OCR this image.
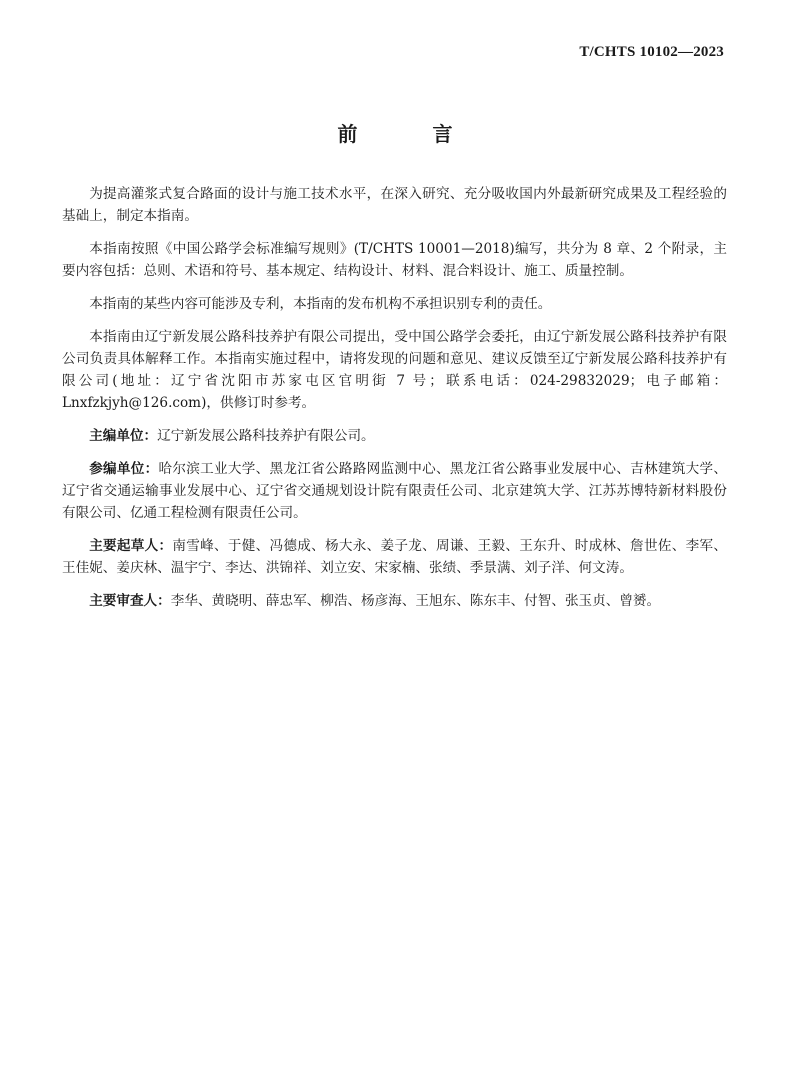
T/CHTS 10102—2023
前 言

为提高灌浆式复合路面的设计与施工技术水平，在深入研究、充分吸收国内外最新研究成果及工程经验的基础上，制定本指南。

本指南按照《中国公路学会标准编写规则》(T/CHTS 10001—2018)编写，共分为 8 章、2 个附录，主要内容包括：总则、术语和符号、基本规定、结构设计、材料、混合料设计、施工、质量控制。

本指南的某些内容可能涉及专利，本指南的发布机构不承担识别专利的责任。

本指南由辽宁新发展公路科技养护有限公司提出，受中国公路学会委托，由辽宁新发展公路科技养护有限公司负责具体解释工作。本指南实施过程中，请将发现的问题和意见、建议反馈至辽宁新发展公路科技养护有限公司(地址：辽宁省沈阳市苏家屯区官明街 7 号；联系电话：024-29832029；电子邮箱：Lnxfzkjyh@126.com)，供修订时参考。

主编单位：辽宁新发展公路科技养护有限公司。

参编单位：哈尔滨工业大学、黑龙江省公路路网监测中心、黑龙江省公路事业发展中心、吉林建筑大学、辽宁省交通运输事业发展中心、辽宁省交通规划设计院有限责任公司、北京建筑大学、江苏苏博特新材料股份有限公司、亿通工程检测有限责任公司。

主要起草人：南雪峰、于健、冯德成、杨大永、姜子龙、周谦、王毅、王东升、时成林、詹世佐、李军、王佳妮、姜庆林、温宇宁、李达、洪锦祥、刘立安、宋家楠、张绩、季景满、刘子洋、何文涛。

主要审查人：李华、黄晓明、薛忠军、柳浩、杨彦海、王旭东、陈东丰、付智、张玉贞、曾赟。
